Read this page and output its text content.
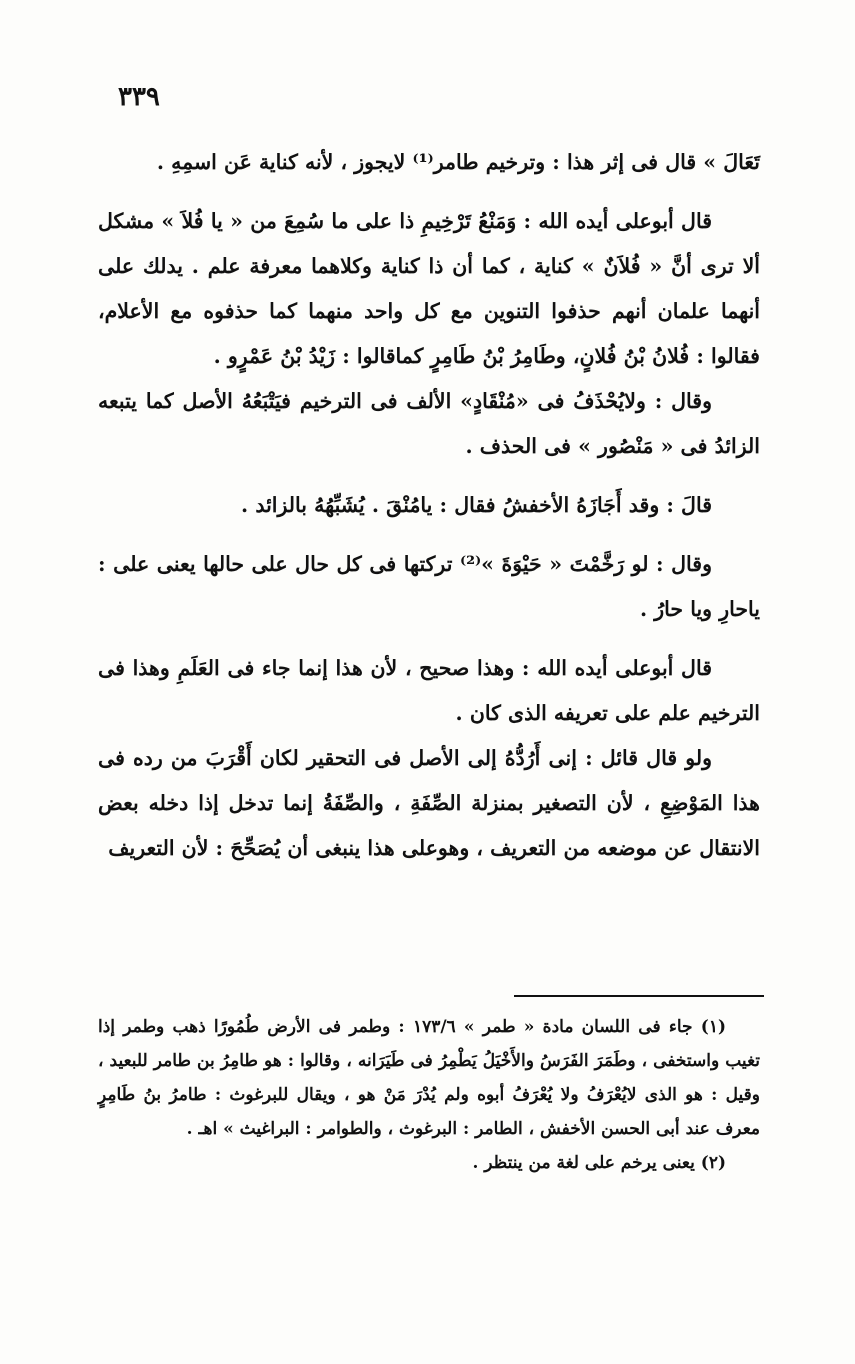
٣٣٩

تَعَالَ » قال فى إثر هذا : وترخيم طامر⁽¹⁾ لايجوز ، لأنه كناية عَن اسمِهِ .

قال أبوعلى أيده الله : وَمَنْعُ تَرْخِيمِ ذا على ما سُمِعَ من « يا فُلاَ » مشكل ألا ترى أنَّ « فُلاَنٌ » كناية ، كما أن ذا كناية وكلاهما معرفة علم . يدلك على أنهما علمان أنهم حذفوا التنوين مع كل واحد منهما كما حذفوه مع الأعلام، فقالوا : فُلانُ بْنُ فُلانٍ، وطَامِرُ بْنُ طَامِرٍ كماقالوا : زَيْدُ بْنُ عَمْرٍو .

وقال : ولايُحْذَفُ فى «مُنْقَادٍ» الألف فى الترخيم فيَتْبَعُهُ الأصل كما يتبعه الزائدُ فى « مَنْصُور » فى الحذف .

قالَ : وقد أَجَازَهُ الأخفشُ فقال : يامُنْقَ . يُشَبِّهُهُ بالزائد .

وقال : لو رَخَّمْتَ « حَيْوَةَ »⁽²⁾ تركتها فى كل حال على حالها يعنى على : ياحارِ ويا حارُ .

قال أبوعلى أيده الله : وهذا صحيح ، لأن هذا إنما جاء فى العَلَمِ وهذا فى الترخيم علم على تعريفه الذى كان .

ولو قال قائل : إنى أَرُدُّهُ إلى الأصل فى التحقير لكان أَقْرَبَ من رده فى هذا المَوْضِعِ ، لأن التصغير بمنزلة الصِّفَةِ ، والصِّفَةُ إنما تدخل إذا دخله بعض الانتقال عن موضعه من التعريف ، وهوعلى هذا ينبغى أن يُصَحِّحَ : لأن التعريف

(١) جاء فى اللسان مادة « طمر » ١٧٣/٦ : وطمر فى الأرض طُمُورًا ذهب وطمر إذا تغيب واستخفى ، وطَمَرَ الفَرَسُ والأَخْيَلُ يَطْمِرُ فى طَيَرَانه ، وقالوا : هو طامِرُ بن طامر للبعيد ، وقيل : هو الذى لايُعْرَفُ ولا يُعْرَفُ أبوه ولم يُدْرَ مَنْ هو ، ويقال للبرغوث : طامرُ بنُ طَامِرٍ معرف عند أبى الحسن الأخفش ، الطامر : البرغوث ، والطوامر : البراغيث » اهـ .

(٢) يعنى يرخم على لغة من ينتظر .
